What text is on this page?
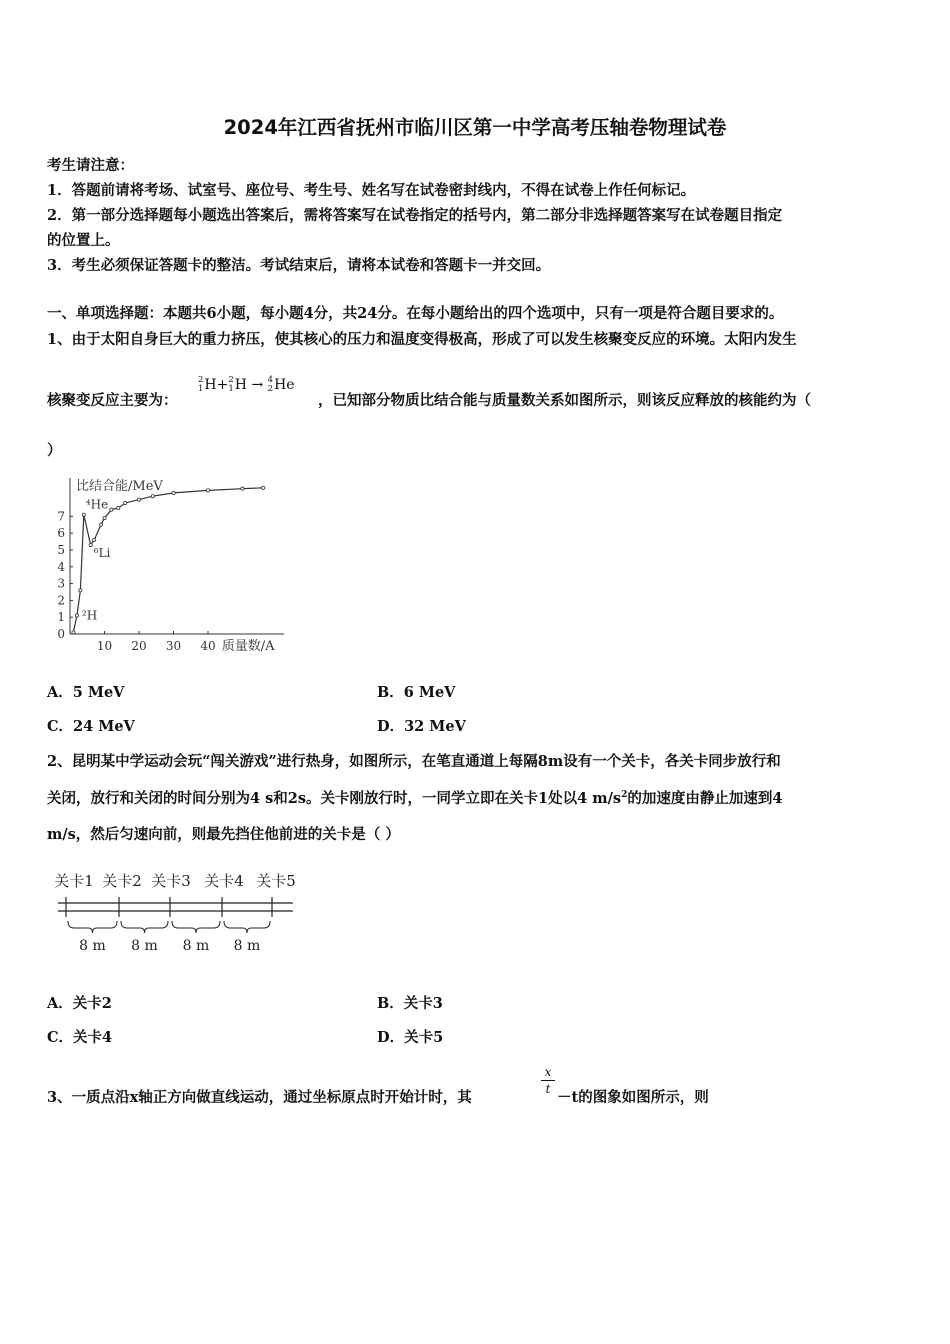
2024年江西省抚州市临川区第一中学高考压轴卷物理试卷
考生请注意：
1．答题前请将考场、试室号、座位号、考生号、姓名写在试卷密封线内，不得在试卷上作任何标记。
2．第一部分选择题每小题选出答案后，需将答案写在试卷指定的括号内，第二部分非选择题答案写在试卷题目指定
的位置上。
3．考生必须保证答题卡的整洁。考试结束后，请将本试卷和答题卡一并交回。
一、单项选择题：本题共6小题，每小题4分，共24分。在每小题给出的四个选项中，只有一项是符合题目要求的。
1、由于太阳自身巨大的重力挤压，使其核心的压力和温度变得极高，形成了可以发生核聚变反应的环境。太阳内发生
核聚变反应主要为：
2
1H+2
1H → 4
2He
，已知部分物质比结合能与质量数关系如图所示，则该反应释放的核能约为（
）
10 20 30 40
0
1
2
3
4
5
6
7
比结合能/MeV
质量数/A
⁴He
⁶Li
²H
A．5 MeV	B．6 MeV
C．24 MeV	D．32 MeV
2、昆明某中学运动会玩“闯关游戏”进行热身，如图所示，在笔直通道上每隔8m设有一个关卡，各关卡同步放行和
关闭，放行和关闭的时间分别为4 s和2s。关卡刚放行时，一同学立即在关卡1处以4 $m/s^2$的加速度由静止加速到4
m/s，然后匀速向前，则最先挡住他前进的关卡是（ ）
关卡1 关卡2 关卡3 关卡4 关卡5
8 m 8 m 8 m 8 m
A．关卡2	B．关卡3
C．关卡4	D．关卡5
3、一质点沿x轴正方向做直线运动，通过坐标原点时开始计时，其
$\frac{x}{t}$
－t的图象如图所示，则
